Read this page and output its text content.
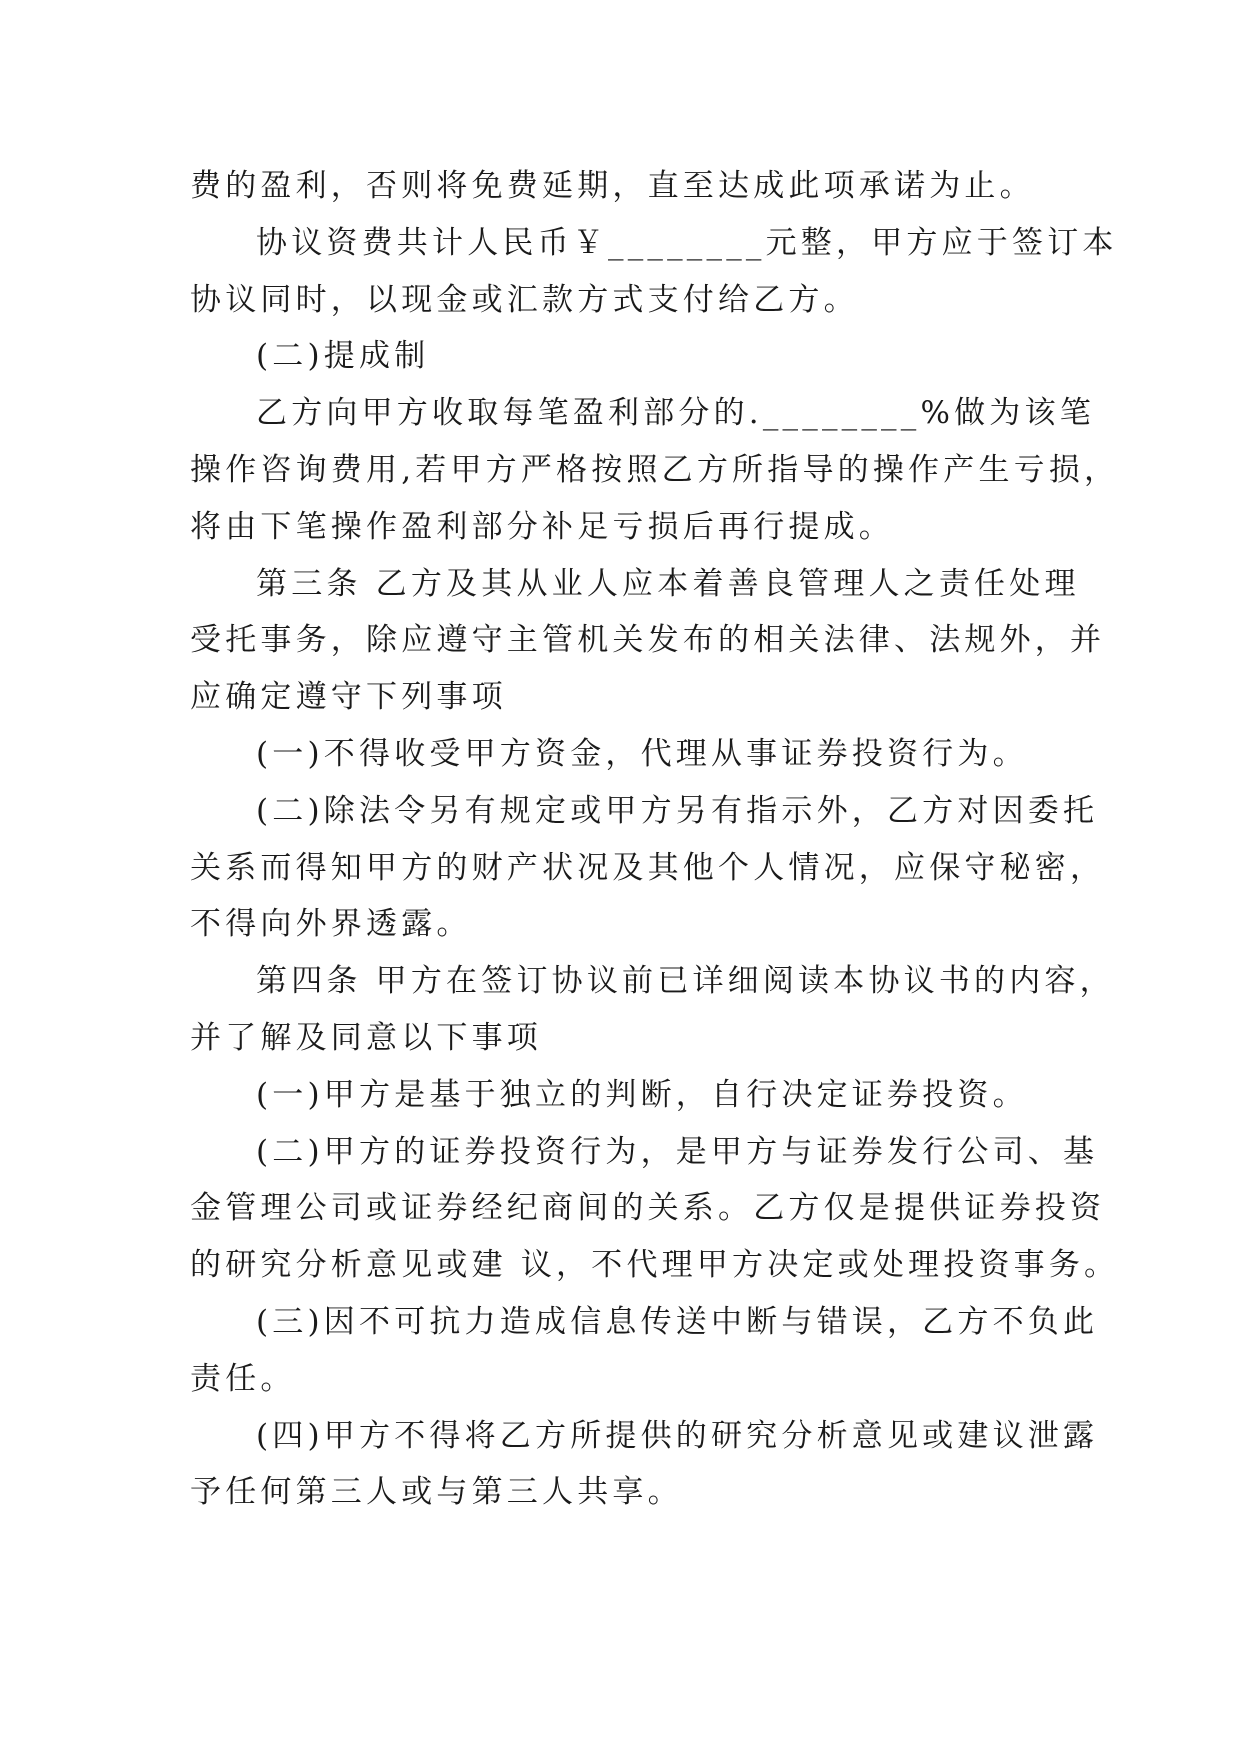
费的盈利，否则将免费延期，直至达成此项承诺为止。
协议资费共计人民币￥________元整，甲方应于签订本
协议同时，以现金或汇款方式支付给乙方。
(二)提成制
乙方向甲方收取每笔盈利部分的.________%做为该笔
操作咨询费用,若甲方严格按照乙方所指导的操作产生亏损，
将由下笔操作盈利部分补足亏损后再行提成。
第三条 乙方及其从业人应本着善良管理人之责任处理
受托事务，除应遵守主管机关发布的相关法律、法规外，并
应确定遵守下列事项
(一)不得收受甲方资金，代理从事证券投资行为。
(二)除法令另有规定或甲方另有指示外，乙方对因委托
关系而得知甲方的财产状况及其他个人情况，应保守秘密，
不得向外界透露。
第四条 甲方在签订协议前已详细阅读本协议书的内容，
并了解及同意以下事项
(一)甲方是基于独立的判断，自行决定证券投资。
(二)甲方的证券投资行为，是甲方与证券发行公司、基
金管理公司或证券经纪商间的关系。乙方仅是提供证券投资
的研究分析意见或建 议，不代理甲方决定或处理投资事务。
(三)因不可抗力造成信息传送中断与错误，乙方不负此
责任。
(四)甲方不得将乙方所提供的研究分析意见或建议泄露
予任何第三人或与第三人共享。
